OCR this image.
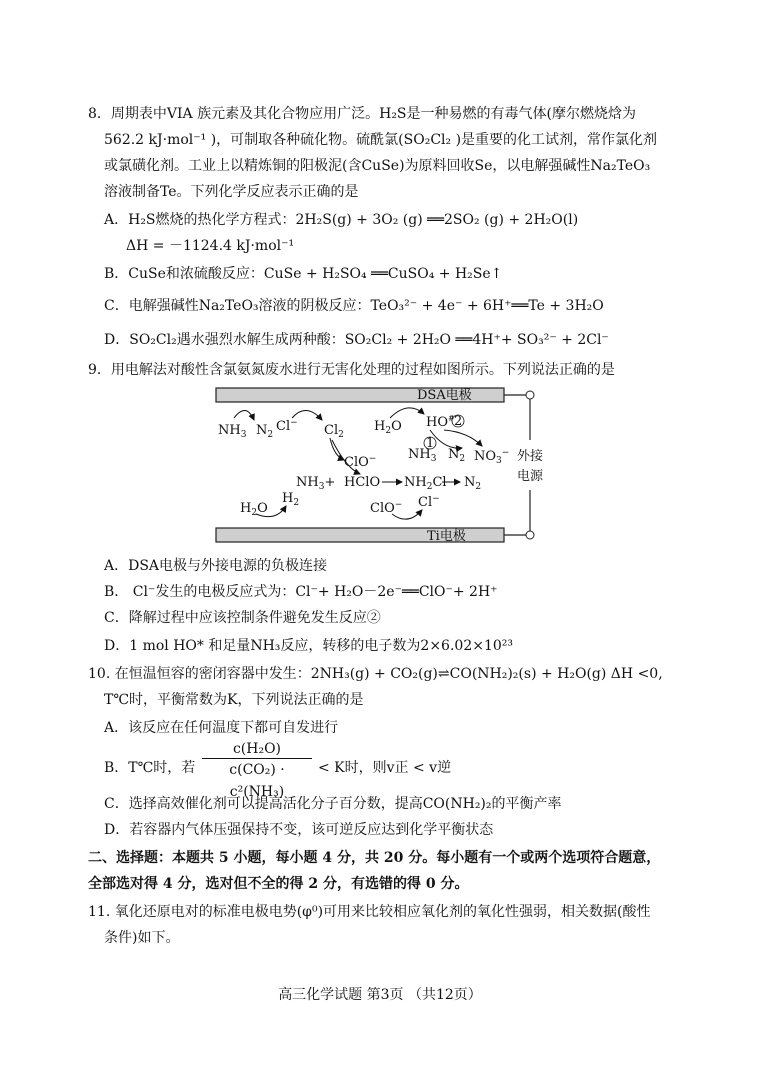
8．周期表中VIA 族元素及其化合物应用广泛。H₂S是一种易燃的有毒气体(摩尔燃烧焓为
562.2 kJ·mol⁻¹ )，可制取各种硫化物。硫酰氯(SO₂Cl₂ )是重要的化工试剂，常作氯化剂
或氯磺化剂。工业上以精炼铜的阳极泥(含CuSe)为原料回收Se，以电解强碱性Na₂TeO₃
溶液制备Te。下列化学反应表示正确的是
A．H₂S燃烧的热化学方程式：2H₂S(g) + 3O₂ (g) ══2SO₂ (g) + 2H₂O(l)
ΔH = －1124.4 kJ·mol⁻¹
B．CuSe和浓硫酸反应：CuSe + H₂SO₄ ══CuSO₄ + H₂Se↑
C．电解强碱性Na₂TeO₃溶液的阴极反应：TeO₃²⁻ + 4e⁻ + 6H⁺══Te + 3H₂O
D．SO₂Cl₂遇水强烈水解生成两种酸：SO₂Cl₂ + 2H₂O ══4H⁺+ SO₃²⁻ + 2Cl⁻
9．用电解法对酸性含氯氨氮废水进行无害化处理的过程如图所示。下列说法正确的是
DSA电极
Ti电极
外接
电源
$NH_3$ $N_2$
Cl− $Cl_2$
$H_2O$ HO# 2
1
$NH_3$ $N_2$ $NO_3^-$
ClO−
$NH_3+$ HClO $NH_2Cl$ $N_2$
$H_2O$
$H_2$	ClO− Cl−
A．DSA电极与外接电源的负极连接
B． Cl⁻发生的电极反应式为：Cl⁻+ H₂O－2e⁻══ClO⁻+ 2H⁺
C．降解过程中应该控制条件避免发生反应②
D．1 mol HO* 和足量NH₃反应，转移的电子数为2×6.02×10²³
10. 在恒温恒容的密闭容器中发生：2NH₃(g) + CO₂(g)⇌CO(NH₂)₂(s) + H₂O(g) ΔH <0,
T℃时，平衡常数为K，下列说法正确的是
A．该反应在任何温度下都可自发进行
B．T℃时，若 $\frac{\text{c(H₂O)}}{\text{c(CO₂) · c²(NH₃)}} < K$时，则v正 < v逆
C．选择高效催化剂可以提高活化分子百分数，提高CO(NH₂)₂的平衡产率
D．若容器内气体压强保持不变，该可逆反应达到化学平衡状态
二、选择题：本题共 5 小题，每小题 4 分，共 20 分。每小题有一个或两个选项符合题意，
全部选对得 4 分，选对但不全的得 2 分，有选错的得 0 分。
11. 氧化还原电对的标准电极电势(φ⁰)可用来比较相应氧化剂的氧化性强弱，相关数据(酸性
条件)如下。
高三化学试题 第3页 （共12页）
